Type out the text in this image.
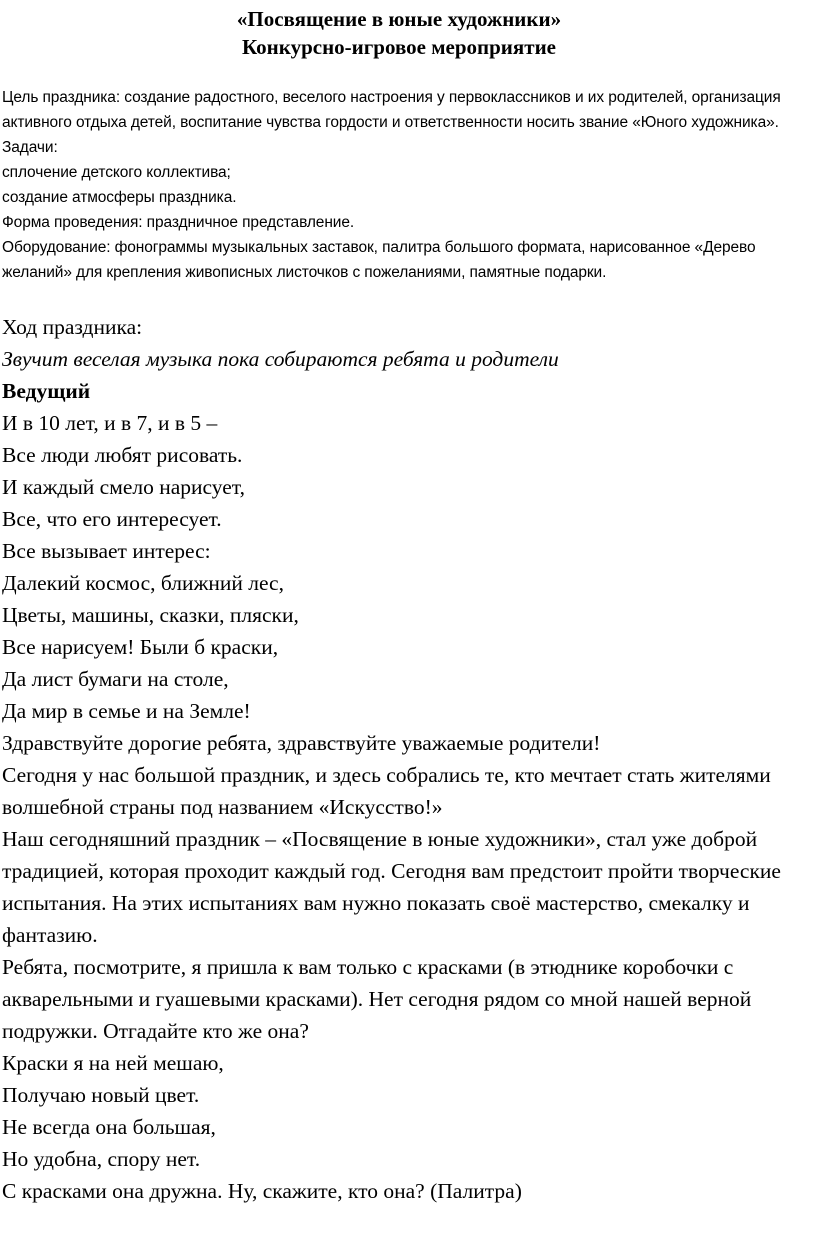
«Посвящение в юные художники»
Конкурсно-игровое мероприятие

Цель праздника: создание радостного, веселого настроения у первоклассников и их родителей, организация активного отдыха детей, воспитание чувства гордости и ответственности носить звание «Юного художника».

Задачи:

сплочение детского коллектива;

создание атмосферы праздника.

Форма проведения: праздничное представление.

Оборудование: фонограммы музыкальных заставок, палитра большого формата, нарисованное «Дерево желаний» для крепления живописных листочков с пожеланиями, памятные подарки.

Ход праздника:

Звучит веселая музыка пока собираются ребята и родители

Ведущий

И в 10 лет, и в 7, и в 5 –

Все люди любят рисовать.

И каждый смело нарисует,

Все, что его интересует.

Все вызывает интерес:

Далекий космос, ближний лес,

Цветы, машины, сказки, пляски,

Все нарисуем! Были б краски,

Да лист бумаги на столе,

Да мир в семье и на Земле!

Здравствуйте дорогие ребята, здравствуйте уважаемые родители!

Сегодня у нас большой праздник, и здесь собрались те, кто мечтает стать жителями волшебной страны под названием «Искусство!»

Наш сегодняшний праздник – «Посвящение в юные художники», стал уже доброй традицией, которая проходит каждый год. Сегодня вам предстоит пройти творческие испытания. На этих испытаниях вам нужно показать своё мастерство, смекалку и фантазию.

Ребята, посмотрите, я пришла к вам только с красками (в этюднике коробочки с акварельными и гуашевыми красками). Нет сегодня рядом со мной нашей верной подружки. Отгадайте кто же она?

Краски я на ней мешаю,

Получаю новый цвет.

Не всегда она большая,

Но удобна, спору нет.

С красками она дружна. Ну, скажите, кто она? (Палитра)
